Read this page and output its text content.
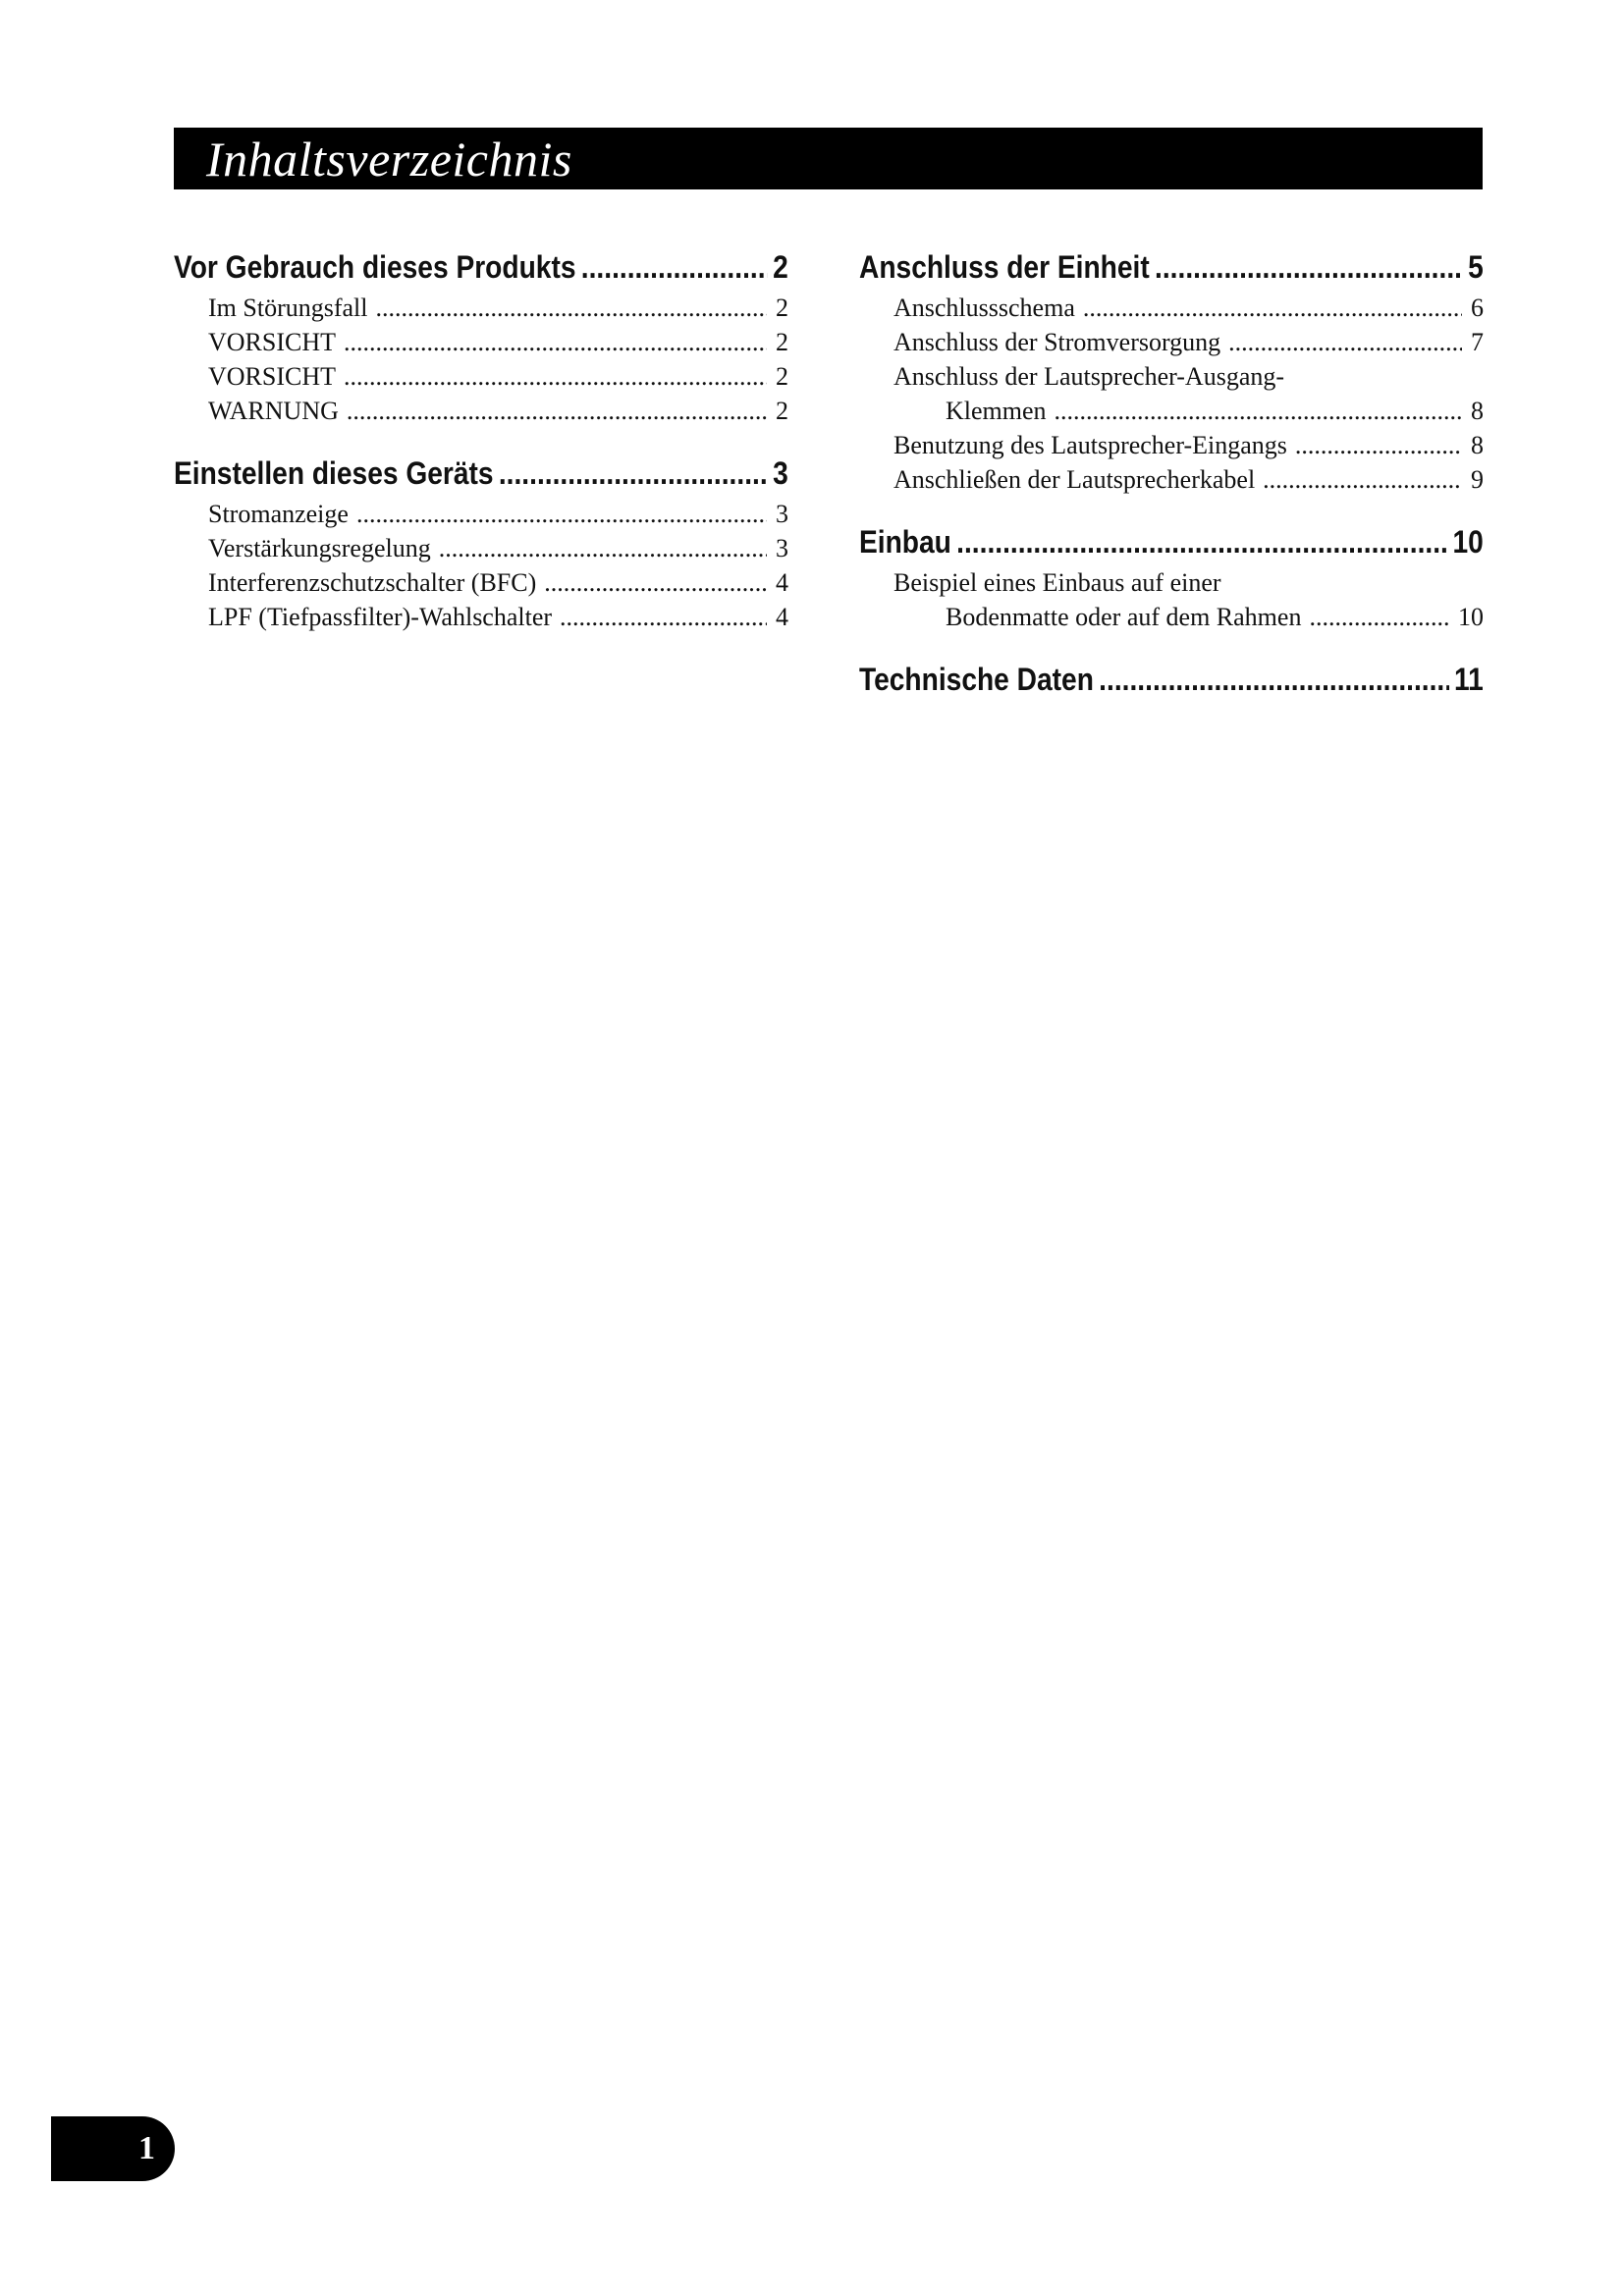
Inhaltsverzeichnis
Vor Gebrauch dieses Produkts .....	2
Im Störungsfall .....	2
VORSICHT .....	2
VORSICHT .....	2
WARNUNG .....	2
Einstellen dieses Geräts .....	3
Stromanzeige .....	3
Verstärkungsregelung .....	3
Interferenzschutzschalter (BFC) .....	4
LPF (Tiefpassfilter)-Wahlschalter .....	4
Anschluss der Einheit .....	5
Anschlussschema .....	6
Anschluss der Stromversorgung .....	7
Anschluss der Lautsprecher-Ausgang-
Klemmen .....	8
Benutzung des Lautsprecher-Eingangs .....	8
Anschließen der Lautsprecherkabel .....	9
Einbau .....	10
Beispiel eines Einbaus auf einer
Bodenmatte oder auf dem Rahmen .....	10
Technische Daten .....	11
1
